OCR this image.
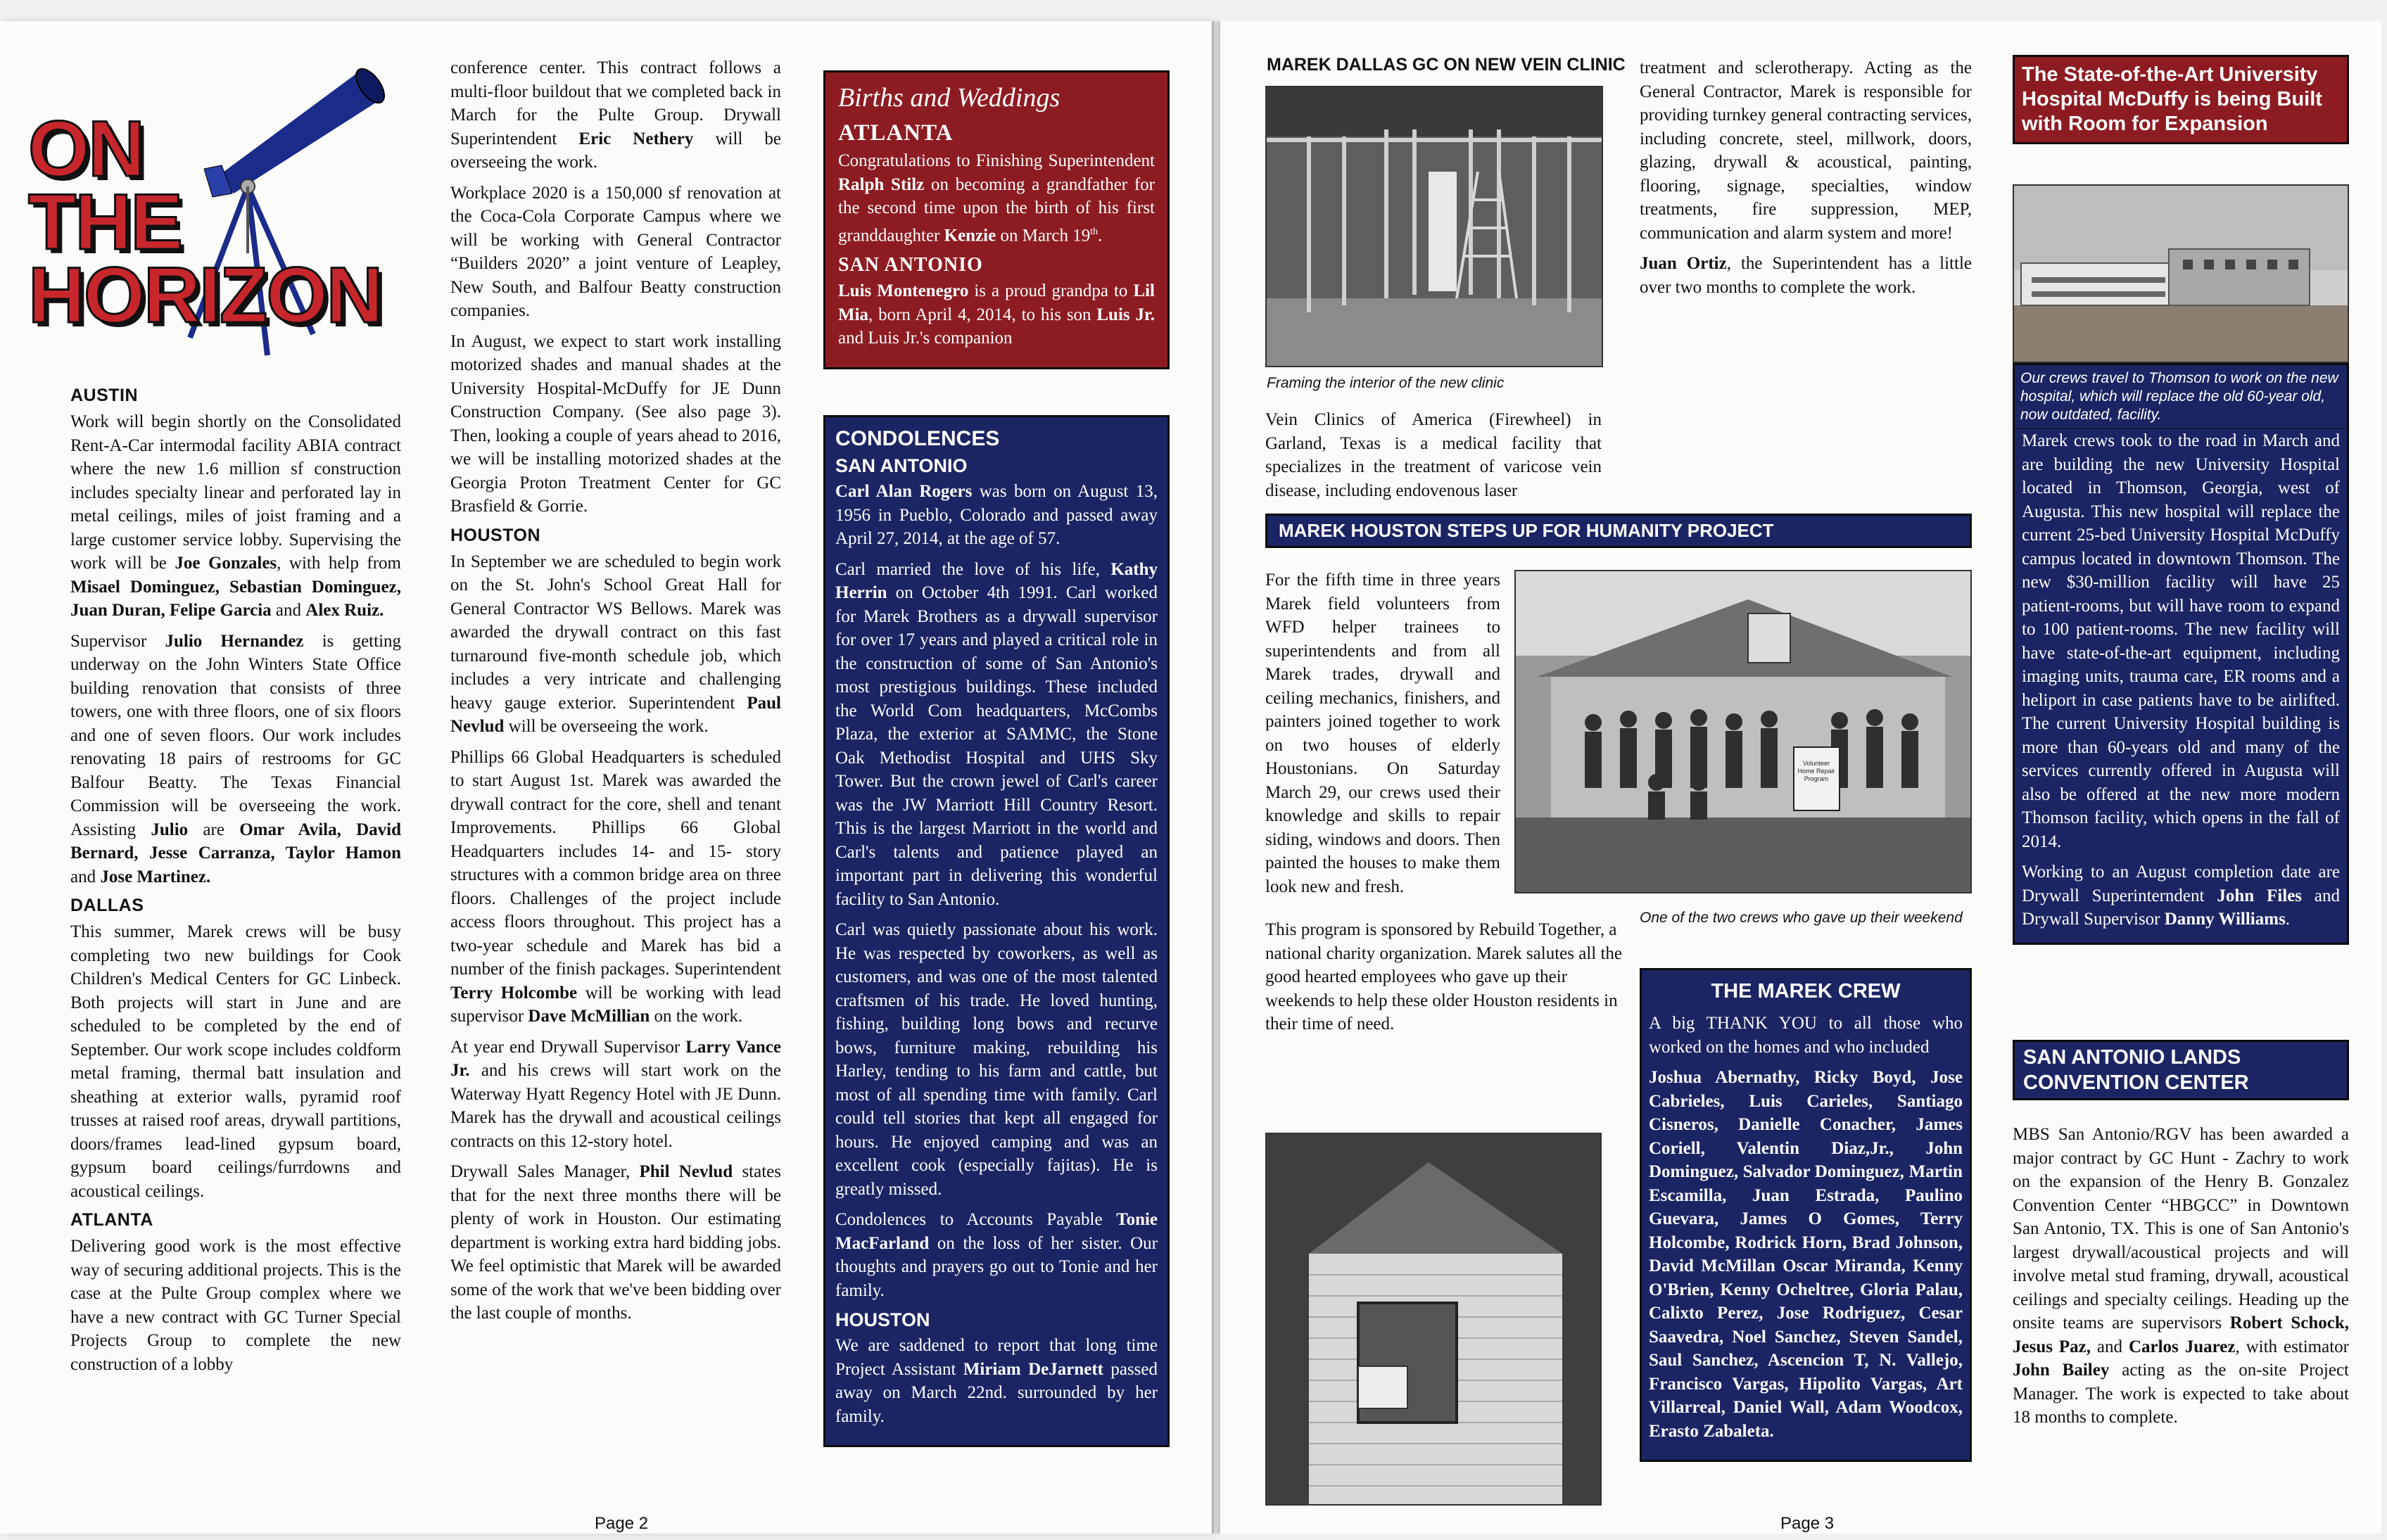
ON
THE
HORIZON
AUSTIN

Work will begin shortly on the Consolidated Rent-A-Car intermodal facility ABIA contract where the new 1.6 million sf construction includes specialty linear and perforated lay in metal ceilings, miles of joist framing and a large customer service lobby. Supervising the work will be Joe Gonzales, with help from Misael Dominguez, Sebastian Dominguez, Juan Duran, Felipe Garcia and Alex Ruiz.

Supervisor Julio Hernandez is getting underway on the John Winters State Office building renovation that consists of three towers, one with three floors, one of six floors and one of seven floors. Our work includes renovating 18 pairs of restrooms for GC Balfour Beatty. The Texas Financial Commission will be overseeing the work. Assisting Julio are Omar Avila, David Bernard, Jesse Carranza, Taylor Hamon and Jose Martinez.

DALLAS

This summer, Marek crews will be busy completing two new buildings for Cook Children's Medical Centers for GC Linbeck. Both projects will start in June and are scheduled to be completed by the end of September. Our work scope includes coldform metal framing, thermal batt insulation and sheathing at exterior walls, pyramid roof trusses at raised roof areas, drywall partitions, doors/frames lead-lined gypsum board, gypsum board ceilings/furrdowns and acoustical ceilings.

ATLANTA

Delivering good work is the most effective way of securing additional projects. This is the case at the Pulte Group complex where we have a new contract with GC Turner Special Projects Group to complete the new construction of a lobby

conference center. This contract follows a multi-floor buildout that we completed back in March for the Pulte Group. Drywall Superintendent Eric Nethery will be overseeing the work.

Workplace 2020 is a 150,000 sf renovation at the Coca-Cola Corporate Campus where we will be working with General Contractor “Builders 2020” a joint venture of Leapley, New South, and Balfour Beatty construction companies.

In August, we expect to start work installing motorized shades and manual shades at the University Hospital-McDuffy for JE Dunn Construction Company. (See also page 3). Then, looking a couple of years ahead to 2016, we will be installing motorized shades at the Georgia Proton Treatment Center for GC Brasfield & Gorrie.

HOUSTON

In September we are scheduled to begin work on the St. John's School Great Hall for General Contractor WS Bellows. Marek was awarded the drywall contract on this fast turnaround five-month schedule job, which includes a very intricate and challenging heavy gauge exterior. Superintendent Paul Nevlud will be overseeing the work.

Phillips 66 Global Headquarters is scheduled to start August 1st. Marek was awarded the drywall contract for the core, shell and tenant Improvements. Phillips 66 Global Headquarters includes 14- and 15- story structures with a common bridge area on three floors. Challenges of the project include access floors throughout. This project has a two-year schedule and Marek has bid a number of the finish packages. Superintendent Terry Holcombe will be working with lead supervisor Dave McMillian on the work.

At year end Drywall Supervisor Larry Vance Jr. and his crews will start work on the Waterway Hyatt Regency Hotel with JE Dunn. Marek has the drywall and acoustical ceilings contracts on this 12-story hotel.

Drywall Sales Manager, Phil Nevlud states that for the next three months there will be plenty of work in Houston. Our estimating department is working extra hard bidding jobs. We feel optimistic that Marek will be awarded some of the work that we've been bidding over the last couple of months.

Births and Weddings
ATLANTA

Congratulations to Finishing Superintendent Ralph Stilz on becoming a grandfather for the second time upon the birth of his first granddaughter Kenzie on March 19th.

SAN ANTONIO

Luis Montenegro is a proud grandpa to Lil Mia, born April 4, 2014, to his son Luis Jr. and Luis Jr.'s companion

CONDOLENCES
SAN ANTONIO

Carl Alan Rogers was born on August 13, 1956 in Pueblo, Colorado and passed away April 27, 2014, at the age of 57.

Carl married the love of his life, Kathy Herrin on October 4th 1991. Carl worked for Marek Brothers as a drywall supervisor for over 17 years and played a critical role in the construction of some of San Antonio's most prestigious buildings. These included the World Com headquarters, McCombs Plaza, the exterior at SAMMC, the Stone Oak Methodist Hospital and UHS Sky Tower. But the crown jewel of Carl's career was the JW Marriott Hill Country Resort. This is the largest Marriott in the world and Carl's talents and patience played an important part in delivering this wonderful facility to San Antonio.

Carl was quietly passionate about his work. He was respected by coworkers, as well as customers, and was one of the most talented craftsmen of his trade. He loved hunting, fishing, building long bows and recurve bows, furniture making, rebuilding his Harley, tending to his farm and cattle, but most of all spending time with family. Carl could tell stories that kept all engaged for hours. He enjoyed camping and was an excellent cook (especially fajitas). He is greatly missed.

Condolences to Accounts Payable Tonie MacFarland on the loss of her sister. Our thoughts and prayers go out to Tonie and her family.

HOUSTON

We are saddened to report that long time Project Assistant Miriam DeJarnett passed away on March 22nd. surrounded by her family.

Page 2
MAREK DALLAS GC ON NEW VEIN CLINIC
Framing the interior of the new clinic

Vein Clinics of America (Firewheel) in Garland, Texas is a medical facility that specializes in the treatment of varicose vein disease, including endovenous laser

treatment and sclerotherapy. Acting as the General Contractor, Marek is responsible for providing turnkey general contracting services, including concrete, steel, millwork, doors, glazing, drywall & acoustical, painting, flooring, signage, specialties, window treatments, fire suppression, MEP, communication and alarm system and more!

Juan Ortiz, the Superintendent has a little over two months to complete the work.

The State-of-the-Art University Hospital McDuffy is being Built with Room for Expansion
Our crews travel to Thomson to work on the new hospital, which will replace the old 60-year old, now outdated, facility.

Marek crews took to the road in March and are building the new University Hospital located in Thomson, Georgia, west of Augusta. This new hospital will replace the current 25-bed University Hospital McDuffy campus located in downtown Thomson. The new $30-million facility will have 25 patient-rooms, but will have room to expand to 100 patient-rooms. The new facility will have state-of-the-art equipment, including imaging units, trauma care, ER rooms and a heliport in case patients have to be airlifted. The current University Hospital building is more than 60-years old and many of the services currently offered in Augusta will also be offered at the new more modern Thomson facility, which opens in the fall of 2014.

Working to an August completion date are Drywall Superinterndent John Files and Drywall Supervisor Danny Williams.

MAREK HOUSTON STEPS UP FOR HUMANITY PROJECT

For the fifth time in three years Marek field volunteers from WFD helper trainees to superintendents and from all Marek trades, drywall and ceiling mechanics, finishers, and painters joined together to work on two houses of elderly Houstonians. On Saturday March 29, our crews used their knowledge and skills to repair siding, windows and doors. Then painted the houses to make them look new and fresh.

Volunteer Home Repair Program
One of the two crews who gave up their weekend

This program is sponsored by Rebuild Together, a national charity organization. Marek salutes all the good hearted employees who gave up their weekends to help these older Houston residents in their time of need.

THE MAREK CREW

A big THANK YOU to all those who worked on the homes and who included

Joshua Abernathy, Ricky Boyd, Jose Cabrieles, Luis Carieles, Santiago Cisneros, Danielle Conacher, James Coriell, Valentin Diaz,Jr., John Dominguez, Salvador Dominguez, Martin Escamilla, Juan Estrada, Paulino Guevara, James O Gomes, Terry Holcombe, Rodrick Horn, Brad Johnson, David McMillan Oscar Miranda, Kenny O'Brien, Kenny Ocheltree, Gloria Palau, Calixto Perez, Jose Rodriguez, Cesar Saavedra, Noel Sanchez, Steven Sandel, Saul Sanchez, Ascencion T, N. Vallejo, Francisco Vargas, Hipolito Vargas, Art Villarreal, Daniel Wall, Adam Woodcox, Erasto Zabaleta.

SAN ANTONIO LANDS CONVENTION CENTER

MBS San Antonio/RGV has been awarded a major contract by GC Hunt - Zachry to work on the expansion of the Henry B. Gonzalez Convention Center “HBGCC” in Downtown San Antonio, TX. This is one of San Antonio's largest drywall/acoustical projects and will involve metal stud framing, drywall, acoustical ceilings and specialty ceilings. Heading up the onsite teams are supervisors Robert Schock, Jesus Paz, and Carlos Juarez, with estimator John Bailey acting as the on-site Project Manager. The work is expected to take about 18 months to complete.

Page 3
